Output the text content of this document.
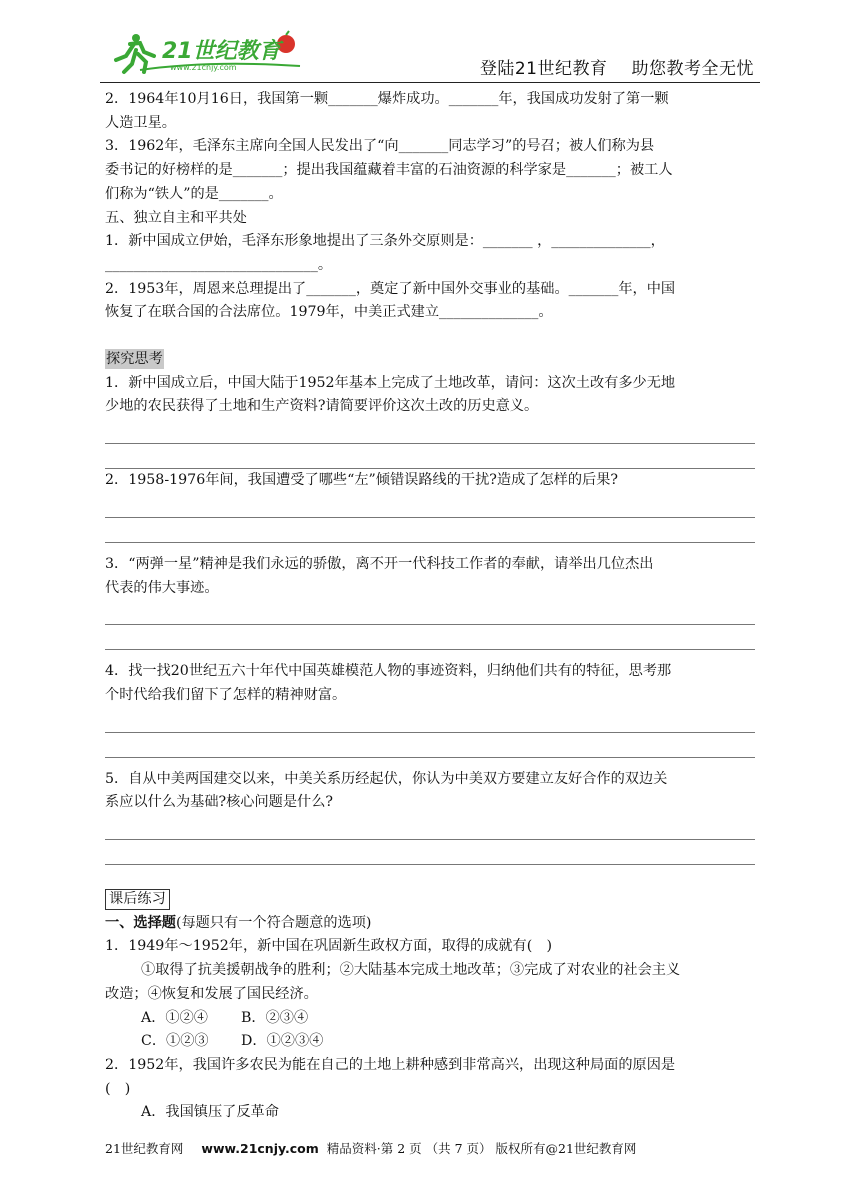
21世纪教育
www.21cnjy.com	登陆21世纪教育 助您教考全无忧

2．1964年10月16日，我国第一颗_______爆炸成功。_______年，我国成功发射了第一颗

人造卫星。

3．1962年，毛泽东主席向全国人民发出了“向_______同志学习”的号召；被人们称为县

委书记的好榜样的是_______；提出我国蕴藏着丰富的石油资源的科学家是_______；被工人

们称为“铁人”的是_______。

五、独立自主和平共处

1．新中国成立伊始，毛泽东形象地提出了三条外交原则是：_______ ，______________，

______________________________。

2．1953年，周恩来总理提出了_______，奠定了新中国外交事业的基础。_______年，中国

恢复了在联合国的合法席位。1979年，中美正式建立______________。

探究思考

1．新中国成立后，中国大陆于1952年基本上完成了土地改革，请问：这次土改有多少无地

少地的农民获得了土地和生产资料?请简要评价这次土改的历史意义。

2．1958-1976年间，我国遭受了哪些“左”倾错误路线的干扰?造成了怎样的后果?

3．“两弹一星”精神是我们永远的骄傲，离不开一代科技工作者的奉献，请举出几位杰出

代表的伟大事迹。

4．找一找20世纪五六十年代中国英雄模范人物的事迹资料，归纳他们共有的特征，思考那

个时代给我们留下了怎样的精神财富。

5．自从中美两国建交以来，中美关系历经起伏，你认为中美双方要建立友好合作的双边关

系应以什么为基础?核心问题是什么?

课后练习

一、选择题(每题只有一个符合题意的选项)

1．1949年～1952年，新中国在巩固新生政权方面，取得的成就有(　)

①取得了抗美援朝战争的胜利；②大陆基本完成土地改革；③完成了对农业的社会主义

改造；④恢复和发展了国民经济。

A．①②④ B．②③④

C．①②③ D．①②③④

2．1952年，我国许多农民为能在自己的土地上耕种感到非常高兴，出现这种局面的原因是

(　)

A．我国镇压了反革命

21世纪教育网 www.21cnjy.com 精品资料·第 2 页 （共 7 页） 版权所有@21世纪教育网
